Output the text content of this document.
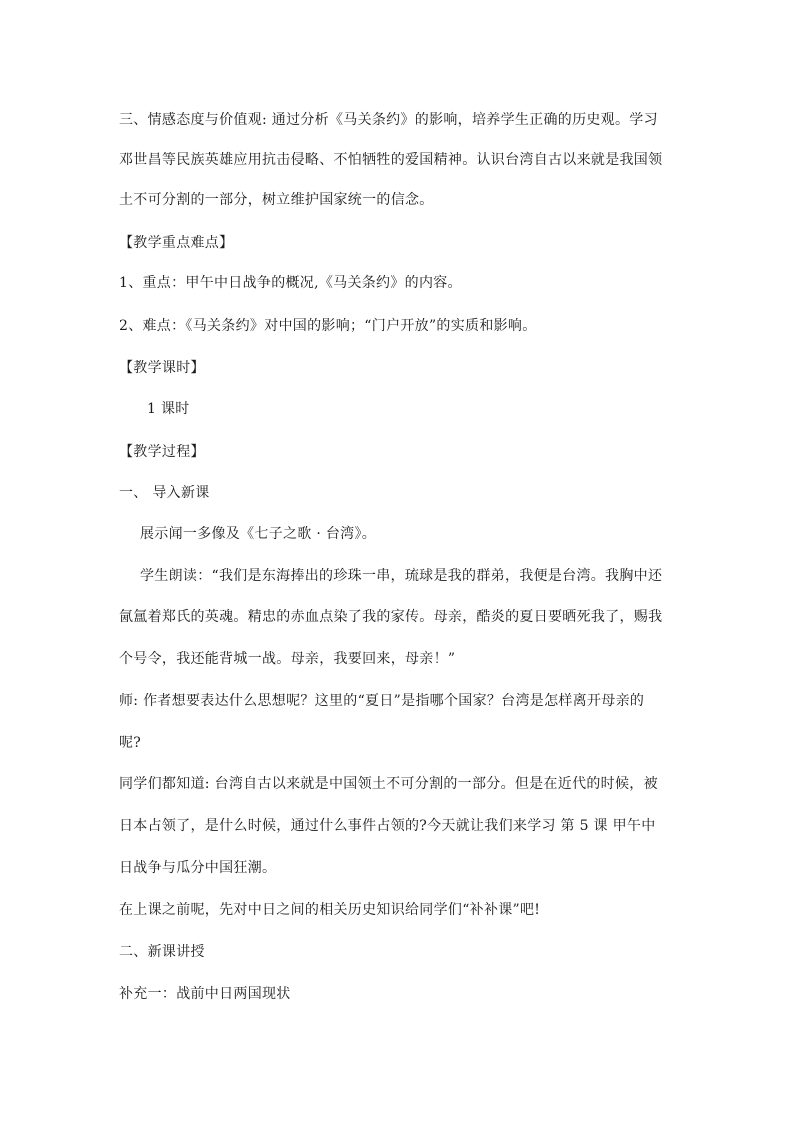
三、情感态度与价值观: 通过分析《马关条约》的影响，培养学生正确的历史观。学习
邓世昌等民族英雄应用抗击侵略、不怕牺牲的爱国精神。认识台湾自古以来就是我国领
土不可分割的一部分，树立维护国家统一的信念。
【教学重点难点】
1、重点：甲午中日战争的概况,《马关条约》的内容。
2、难点：《马关条约》对中国的影响；“门户开放”的实质和影响。
【教学课时】
1 课时
【教学过程】
一、 导入新课
展示闻一多像及《七子之歌 · 台湾》。
学生朗读：“我们是东海捧出的珍珠一串，琉球是我的群弟，我便是台湾。我胸中还
氤氲着郑氏的英魂。精忠的赤血点染了我的家传。母亲，酷炎的夏日要晒死我了，赐我
个号令，我还能背城一战。母亲，我要回来，母亲！”
师: 作者想要表达什么思想呢？这里的“夏日”是指哪个国家？台湾是怎样离开母亲的
呢?
同学们都知道: 台湾自古以来就是中国领土不可分割的一部分。但是在近代的时候，被
日本占领了，是什么时候，通过什么事件占领的?今天就让我们来学习 第 5 课 甲午中
日战争与瓜分中国狂潮。
在上课之前呢，先对中日之间的相关历史知识给同学们“补补课”吧!
二、新课讲授
补充一：战前中日两国现状
